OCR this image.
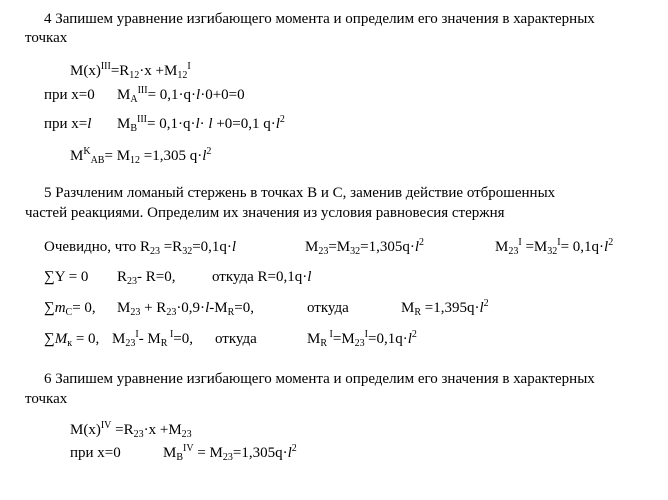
4 Запишем уравнение изгибающего момента и определим его значения в характерных
точках
$M(x)^{III}=R_{12}\cdot x +M_{12}^I$
при x=0 $M_A^{III}= 0,1\cdot q\cdot l\cdot 0+0=0$
при x=l $M_B^{III}= 0,1\cdot q\cdot l\cdot l +0=0,1$ $q\cdot l^2$
$M^K_{AB}= M_{12} =1,305$ $q\cdot l^2$
5 Разчленим ломаный стержень в точках В и С, заменив действие отброшенных
частей реакциями. Определим их значения из условия равновесия стержня
Очевидно, что $R_{23} =R_{32}=0,1q\cdot l$	$M_{23}=M_{32}=1,305q\cdot l^2$	$M_{23}^I =M_{32}^I= 0,1q\cdot l^2$
∑Y = 0 $R_{23}-$ R=0, откуда R=0,1q·l
$\sum m_C= 0$, $M_{23} + R_{23}\cdot 0,9\cdot l-M_R=0$,	откуда	$M_R =1,395q\cdot l^2$
$\sum M_к = 0$, $M_{23}^I-$ $M_R$ $^I$=0, откуда	$M_R$ $^I=M_{23}^I=0,1q\cdot l^2$
6 Запишем уравнение изгибающего момента и определим его значения в характерных
точках
$M(x)^{IV} =R_{23}\cdot x +M_{23}$
при x=0	$M_B^{IV} = M_{23}=1,305q\cdot l^2$
